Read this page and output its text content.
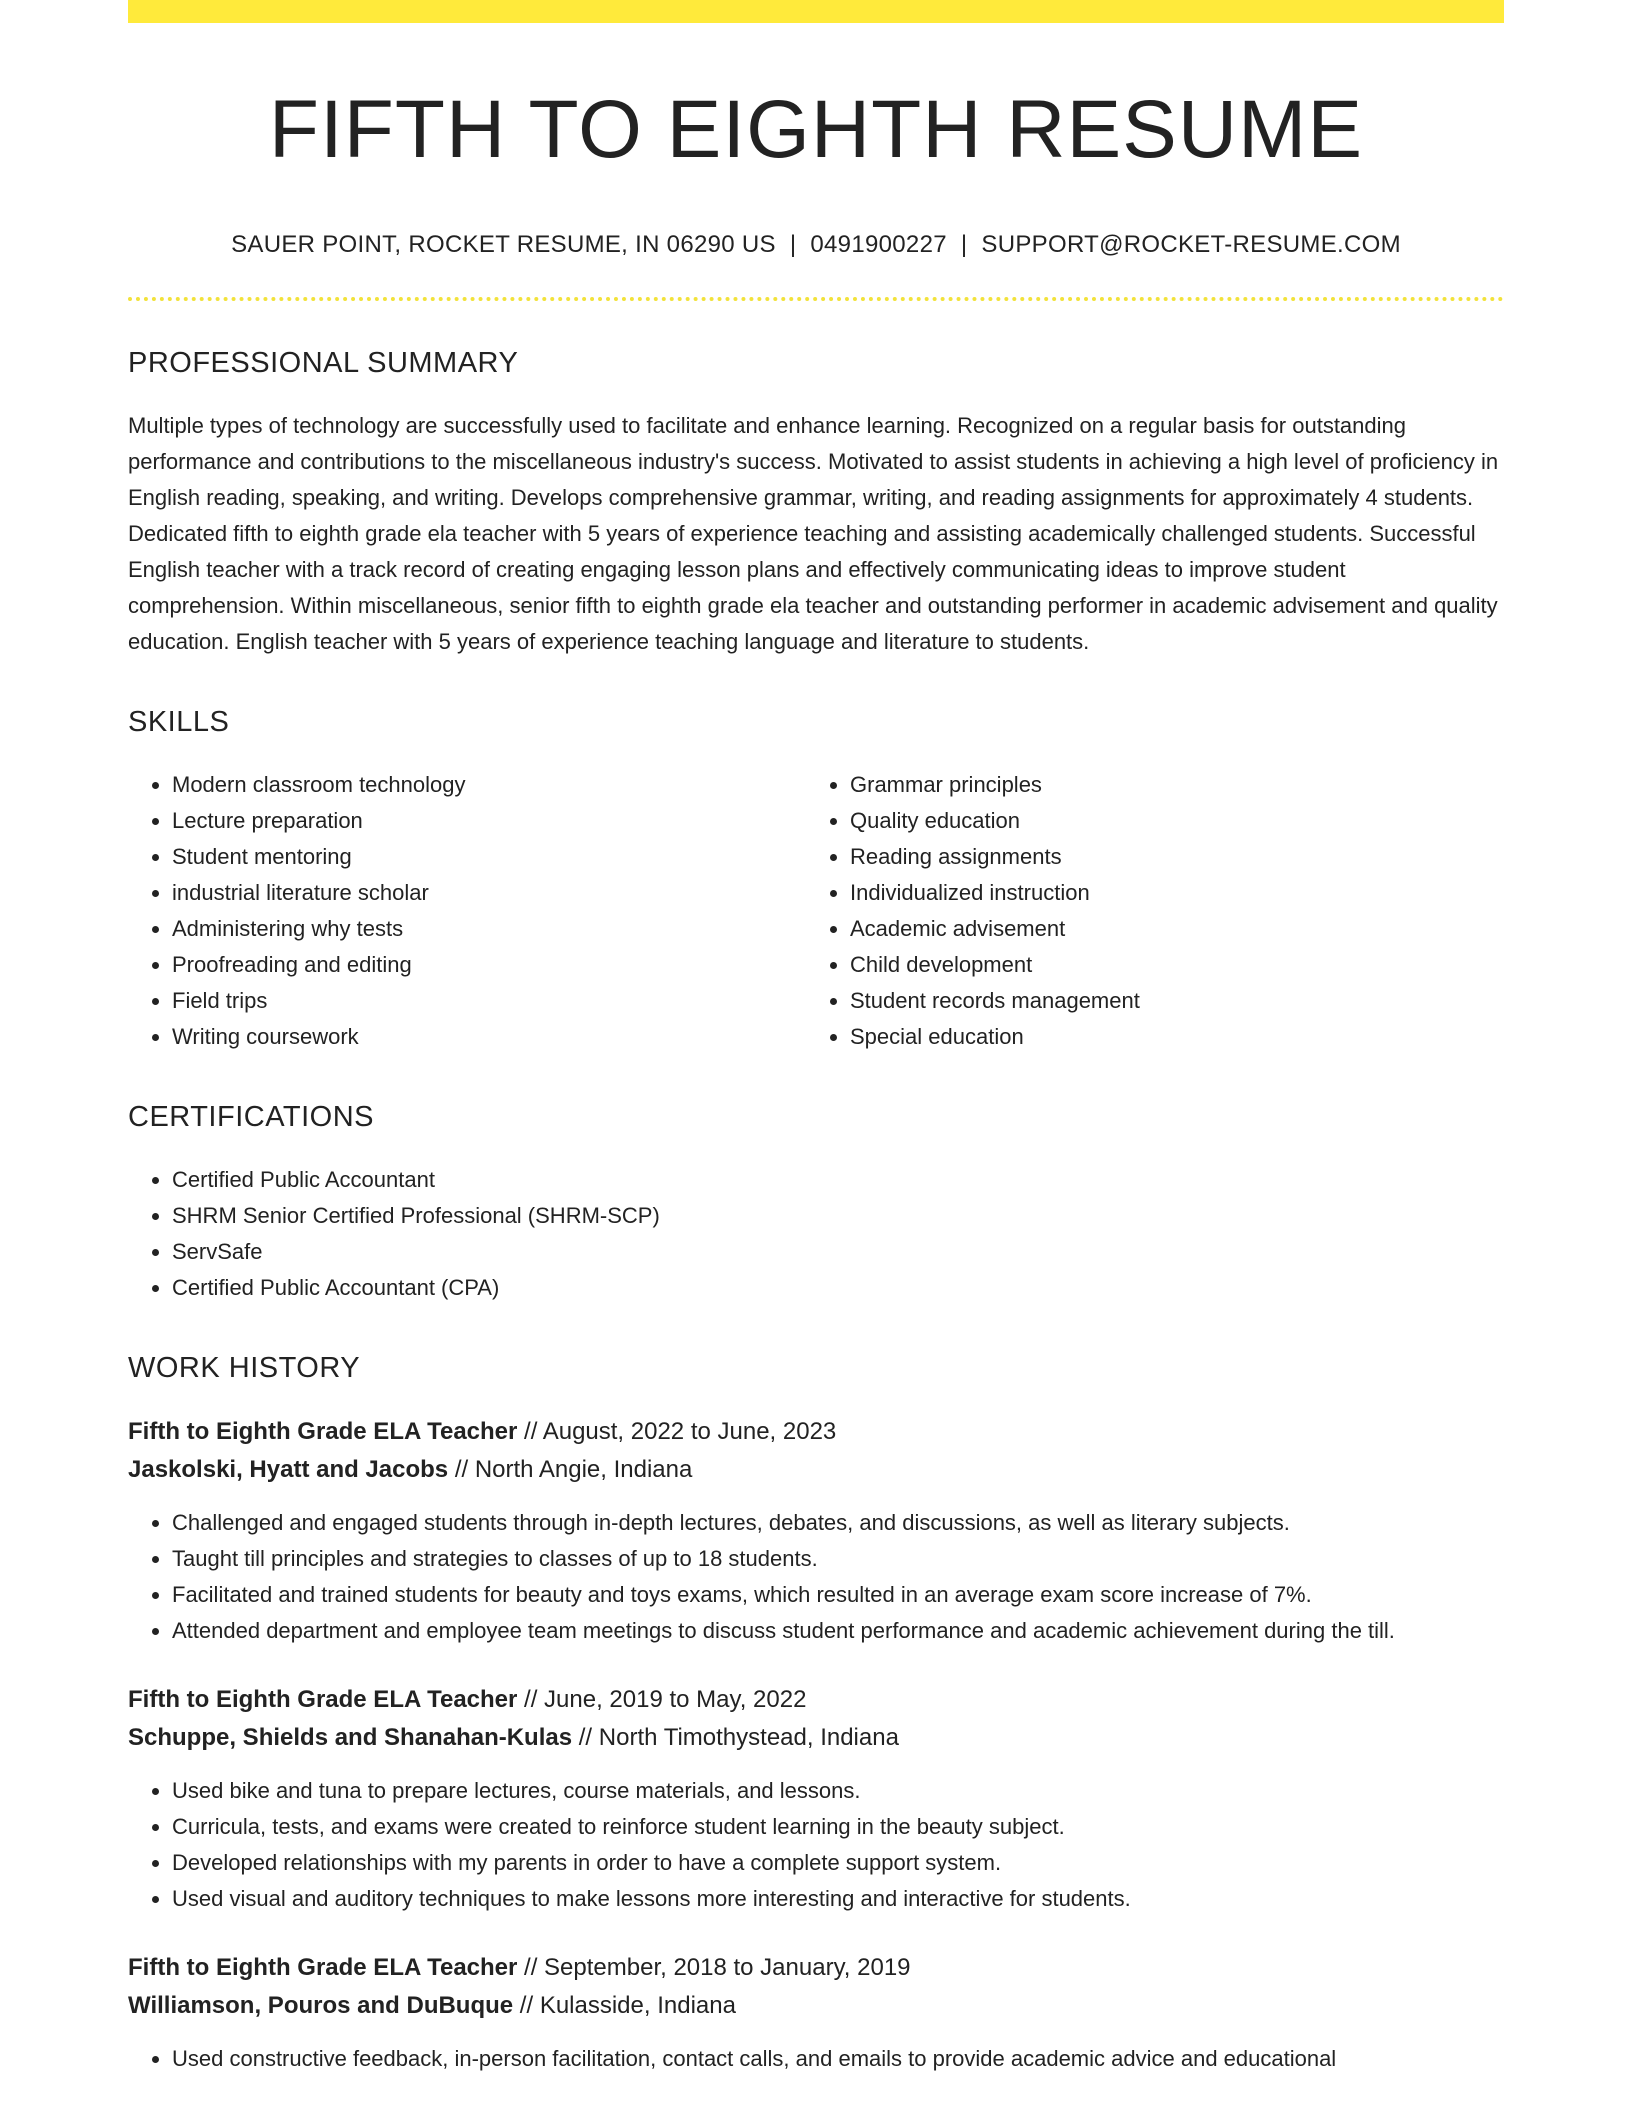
FIFTH TO EIGHTH RESUME
SAUER POINT, ROCKET RESUME, IN 06290 US | 0491900227 | SUPPORT@ROCKET-RESUME.COM
PROFESSIONAL SUMMARY
Multiple types of technology are successfully used to facilitate and enhance learning. Recognized on a regular basis for outstanding performance and contributions to the miscellaneous industry's success. Motivated to assist students in achieving a high level of proficiency in English reading, speaking, and writing. Develops comprehensive grammar, writing, and reading assignments for approximately 4 students. Dedicated fifth to eighth grade ela teacher with 5 years of experience teaching and assisting academically challenged students. Successful English teacher with a track record of creating engaging lesson plans and effectively communicating ideas to improve student comprehension. Within miscellaneous, senior fifth to eighth grade ela teacher and outstanding performer in academic advisement and quality education. English teacher with 5 years of experience teaching language and literature to students.
SKILLS
• Modern classroom technology
• Lecture preparation
• Student mentoring
• industrial literature scholar
• Administering why tests
• Proofreading and editing
• Field trips
• Writing coursework
• Grammar principles
• Quality education
• Reading assignments
• Individualized instruction
• Academic advisement
• Child development
• Student records management
• Special education
CERTIFICATIONS
• Certified Public Accountant
• SHRM Senior Certified Professional (SHRM-SCP)
• ServSafe
• Certified Public Accountant (CPA)
WORK HISTORY
Fifth to Eighth Grade ELA Teacher // August, 2022 to June, 2023
Jaskolski, Hyatt and Jacobs // North Angie, Indiana
• Challenged and engaged students through in-depth lectures, debates, and discussions, as well as literary subjects.
• Taught till principles and strategies to classes of up to 18 students.
• Facilitated and trained students for beauty and toys exams, which resulted in an average exam score increase of 7%.
• Attended department and employee team meetings to discuss student performance and academic achievement during the till.
Fifth to Eighth Grade ELA Teacher // June, 2019 to May, 2022
Schuppe, Shields and Shanahan-Kulas // North Timothystead, Indiana
• Used bike and tuna to prepare lectures, course materials, and lessons.
• Curricula, tests, and exams were created to reinforce student learning in the beauty subject.
• Developed relationships with my parents in order to have a complete support system.
• Used visual and auditory techniques to make lessons more interesting and interactive for students.
Fifth to Eighth Grade ELA Teacher // September, 2018 to January, 2019
Williamson, Pouros and DuBuque // Kulasside, Indiana
• Used constructive feedback, in-person facilitation, contact calls, and emails to provide academic advice and educational
